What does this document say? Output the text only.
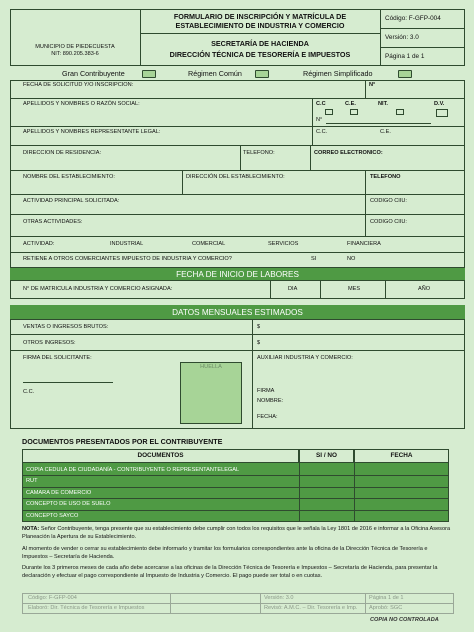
FORMULARIO DE INSCRIPCIÓN Y MATRÍCULA DE
ESTABLECIMIENTO DE INDUSTRIA Y COMERCIO
SECRETARÍA DE HACIENDA
DIRECCIÓN TÉCNICA DE TESORERÍA E IMPUESTOS
MUNICIPIO DE PIEDECUESTA
NIT: 890.205.383-6
Código: F-GFP-004
Versión: 3.0
Página 1 de 1
Gran Contribuyente	Régimen Común	Régimen Simplificado
FECHA DE SOLICITUD Y/O INSCRIPCION:	N°
APELLIDOS Y NOMBRES O RAZÓN SOCIAL:	C.C	C.E.	NIT.	D.V.
N°
APELLIDOS Y NOMBRES REPRESENTANTE LEGAL:	C.C.	C.E.
DIRECCION DE RESIDENCIA:	TELEFONO:	CORREO ELECTRONICO:
NOMBRE DEL ESTABLECIMIENTO:	DIRECCIÓN DEL ESTABLECIMIENTO:	TELEFONO
ACTIVIDAD PRINCIPAL SOLICITADA:	CODIGO CIIU:
OTRAS ACTIVIDADES:	CODIGO CIIU:
ACTIVIDAD:	INDUSTRIAL	COMERCIAL	SERVICIOS	FINANCIERA
RETIENE A OTROS COMERCIANTES IMPUESTO DE INDUSTRIA Y COMERCIO?	SI	NO
FECHA DE INICIO DE LABORES
N° DE MATRICULA INDUSTRIA Y COMERCIO ASIGNADA:	DIA	MES	AÑO
DATOS MENSUALES ESTIMADOS
VENTAS O INGRESOS BRUTOS:	$
OTROS INGRESOS:	$
FIRMA DEL SOLICITANTE:
HUELLA
C.C.
AUXILIAR INDUSTRIA Y COMERCIO:
FIRMA
NOMBRE:
FECHA:
DOCUMENTOS PRESENTADOS POR EL CONTRIBUYENTE
DOCUMENTOS	SI / NO	FECHA
COPIA CEDULA DE CIUDADANÍA - CONTRIBUYENTE O REPRESENTANTELEGAL
RUT
CAMARA DE COMERCIO
CONCEPTO DE USO DE SUELO
CONCEPTO SAYCO
NOTA: Señor Contribuyente, tenga presente que su establecimiento debe cumplir con todos los requisitos que le señala la Ley 1801 de 2016 e informar a la Oficina Asesora Planeación la Apertura de su Establecimiento.
Al momento de vender o cerrar su establecimiento debe informarlo y tramitar los formularios correspondientes ante la oficina de la Dirección Técnica de Tesorería e Impuestos – Secretaría de Hacienda.
Durante los 3 primeros meses de cada año debe acercarse a las oficinas de la Dirección Técnica de Tesorería e Impuestos – Secretaría de Hacienda, para presentar la declaración y efectuar el pago correspondiente al Impuesto de Industria y Comercio. El pago puede ser total o en cuotas.
Código: F-GFP-004	Versión: 3.0	Página 1 de 1
Elaboró: Dir. Técnica de Tesorería e Impuestos	Revisó: A.M.C. – Dir. Tesorería e Imp.	Aprobó: SGC
COPIA NO CONTROLADA
